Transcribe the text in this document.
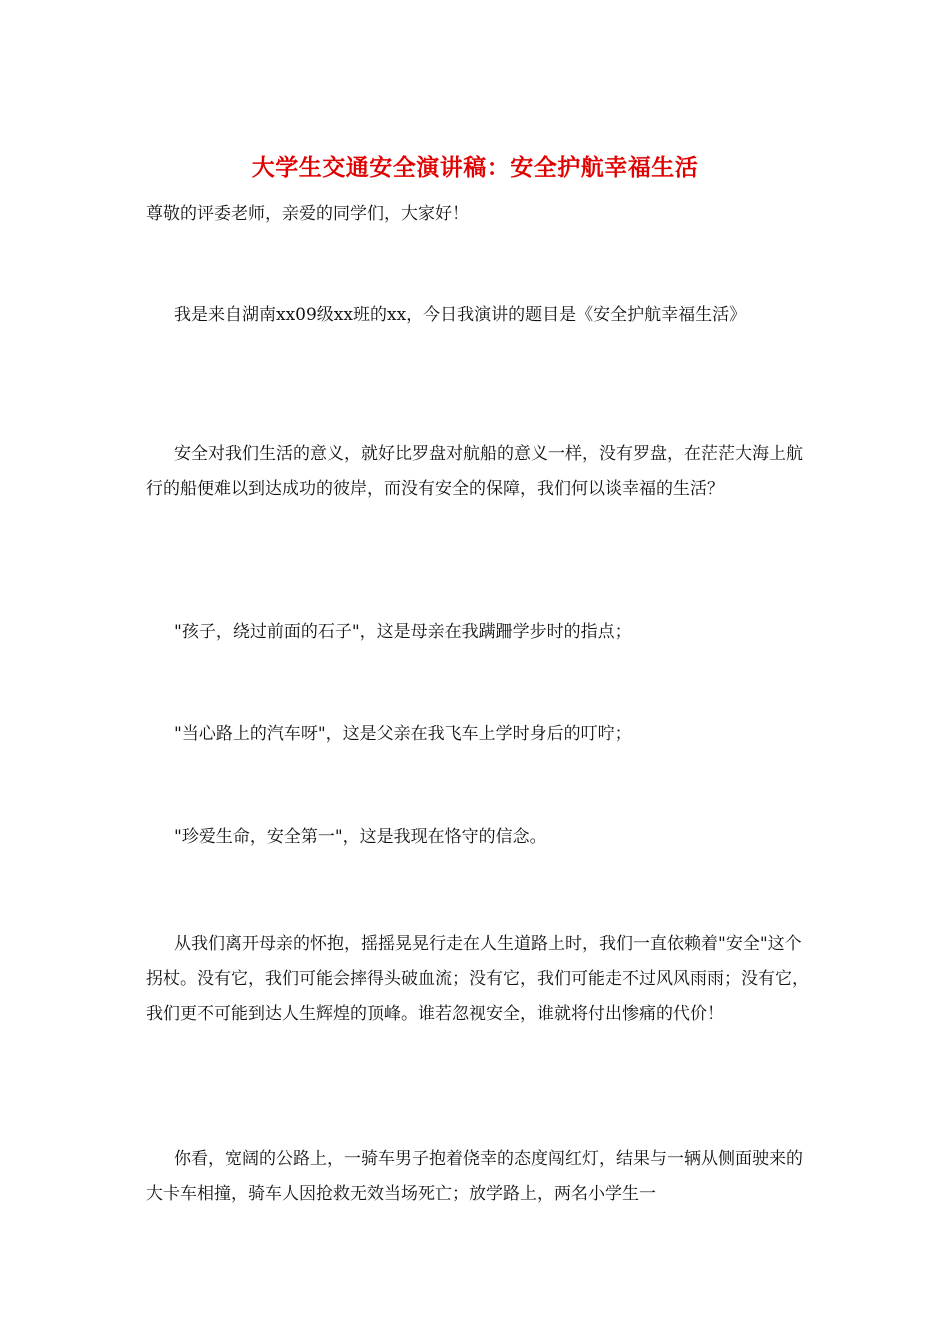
大学生交通安全演讲稿：安全护航幸福生活

尊敬的评委老师，亲爱的同学们，大家好！

我是来自湖南xx09级xx班的xx，今日我演讲的题目是《安全护航幸福生活》

安全对我们生活的意义，就好比罗盘对航船的意义一样，没有罗盘，在茫茫大海上航行的船便难以到达成功的彼岸，而没有安全的保障，我们何以谈幸福的生活？

"孩子，绕过前面的石子"，这是母亲在我蹒跚学步时的指点；

"当心路上的汽车呀"，这是父亲在我飞车上学时身后的叮咛；

"珍爱生命，安全第一"，这是我现在恪守的信念。

从我们离开母亲的怀抱，摇摇晃晃行走在人生道路上时，我们一直依赖着"安全"这个拐杖。没有它，我们可能会摔得头破血流；没有它，我们可能走不过风风雨雨；没有它，我们更不可能到达人生辉煌的顶峰。谁若忽视安全，谁就将付出惨痛的代价！

你看，宽阔的公路上，一骑车男子抱着侥幸的态度闯红灯，结果与一辆从侧面驶来的大卡车相撞，骑车人因抢救无效当场死亡；放学路上，两名小学生一
